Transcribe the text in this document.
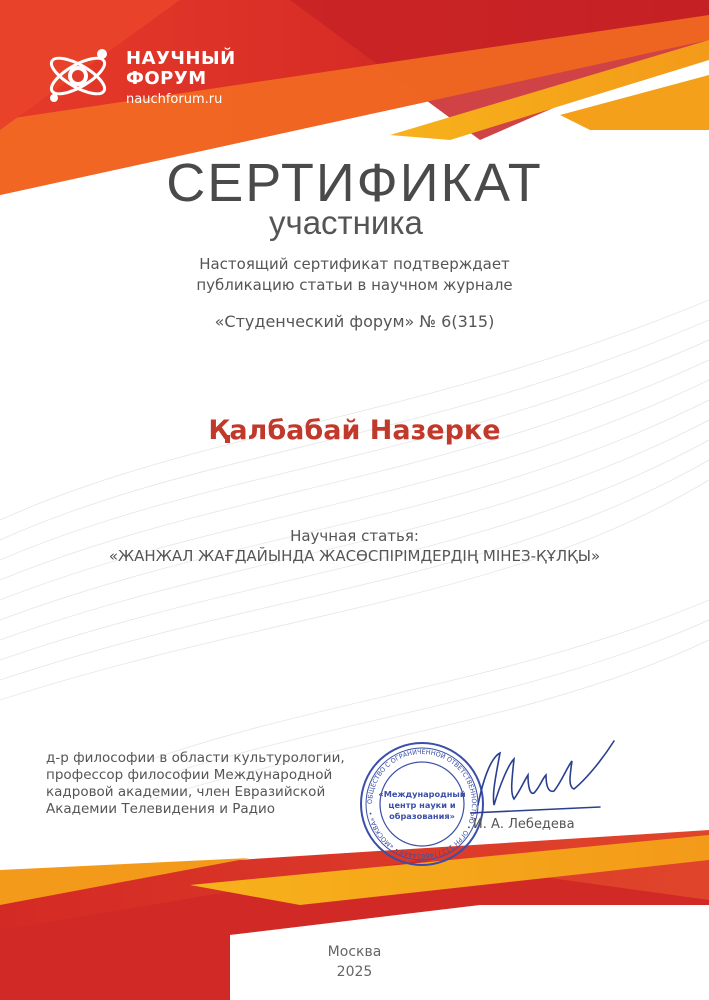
НАУЧНЫЙ
ФОРУМ
nauchforum.ru
СЕРТИФИКАТ
участника
Настоящий сертификат подтверждает
публикацию статьи в научном журнале
«Студенческий форум» № 6(315)
Қалбабай Назерке
Научная статья:
«ЖАНЖАЛ ЖАҒДАЙЫНДА ЖАСӨСПІРІМДЕРДІҢ МІНЕЗ-ҚҰЛҚЫ»
д-р философии в области культурологии,
профессор философии Международной
кадровой академии, член Евразийской
Академии Телевидения и Радио	ОБЩЕСТВО С ОГРАНИЧЕННОЙ ОТВЕТСТВЕННОСТЬЮ • ОГРН 1127746014449 • «МОСКВА» •
«Международный
центр науки и
образования»
И. А. Лебедева
Москва
2025
